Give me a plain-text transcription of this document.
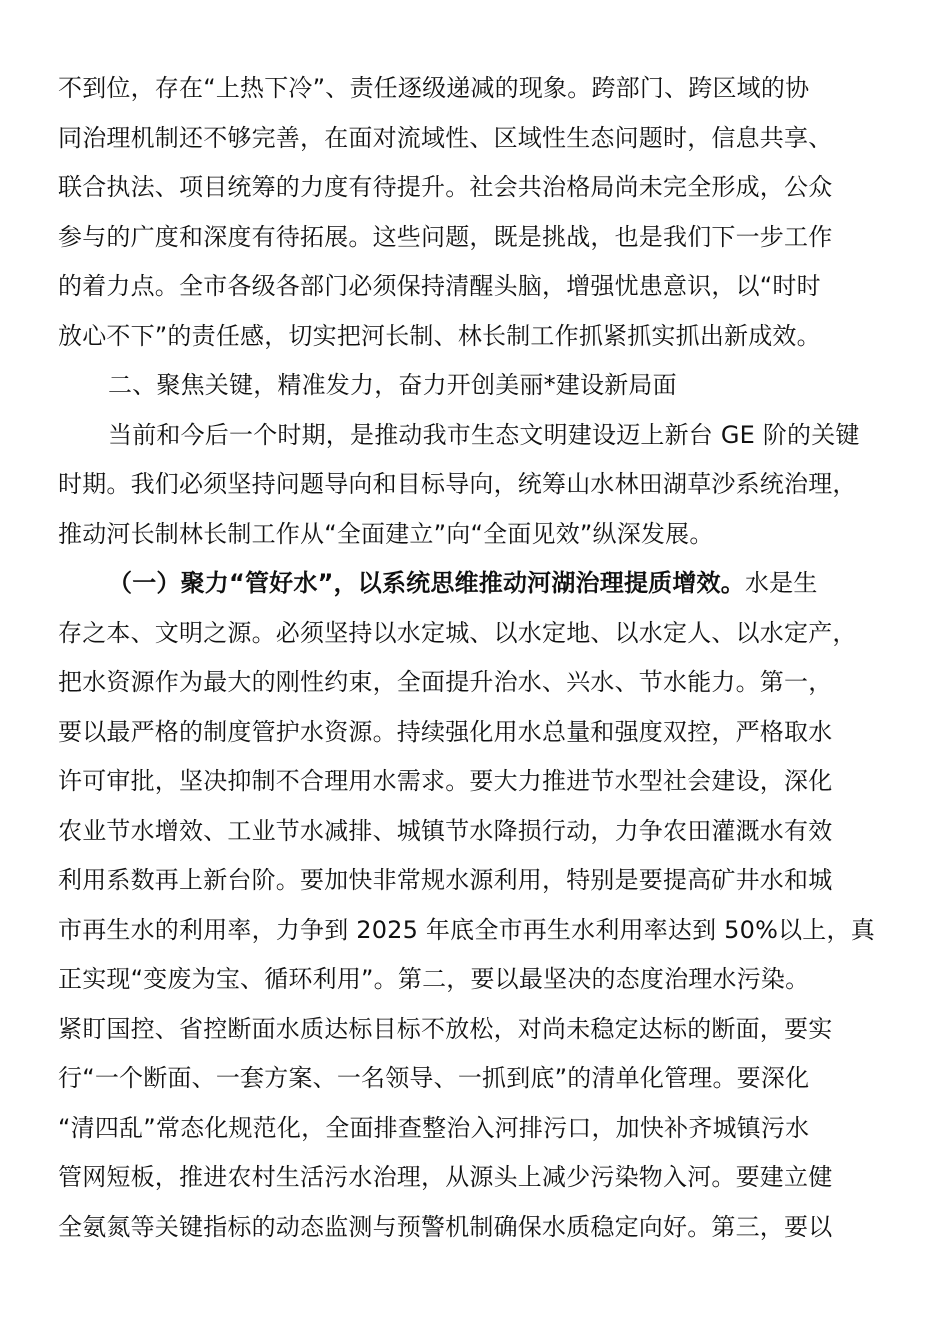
不到位，存在“上热下冷”、责任逐级递减的现象。跨部门、跨区域的协
同治理机制还不够完善，在面对流域性、区域性生态问题时，信息共享、
联合执法、项目统筹的力度有待提升。社会共治格局尚未完全形成，公众
参与的广度和深度有待拓展。这些问题，既是挑战，也是我们下一步工作
的着力点。全市各级各部门必须保持清醒头脑，增强忧患意识，以“时时
放心不下”的责任感，切实把河长制、林长制工作抓紧抓实抓出新成效。
二、聚焦关键，精准发力，奋力开创美丽*建设新局面
当前和今后一个时期，是推动我市生态文明建设迈上新台 GE 阶的关键
时期。我们必须坚持问题导向和目标导向，统筹山水林田湖草沙系统治理，
推动河长制林长制工作从“全面建立”向“全面见效”纵深发展。
（一）聚力“管好水”，以系统思维推动河湖治理提质增效。水是生
存之本、文明之源。必须坚持以水定城、以水定地、以水定人、以水定产，
把水资源作为最大的刚性约束，全面提升治水、兴水、节水能力。第一，
要以最严格的制度管护水资源。持续强化用水总量和强度双控，严格取水
许可审批，坚决抑制不合理用水需求。要大力推进节水型社会建设，深化
农业节水增效、工业节水减排、城镇节水降损行动，力争农田灌溉水有效
利用系数再上新台阶。要加快非常规水源利用，特别是要提高矿井水和城
市再生水的利用率，力争到 2025 年底全市再生水利用率达到 50%以上，真
正实现“变废为宝、循环利用”。第二，要以最坚决的态度治理水污染。
紧盯国控、省控断面水质达标目标不放松，对尚未稳定达标的断面，要实
行“一个断面、一套方案、一名领导、一抓到底”的清单化管理。要深化
“清四乱”常态化规范化，全面排查整治入河排污口，加快补齐城镇污水
管网短板，推进农村生活污水治理，从源头上减少污染物入河。要建立健
全氨氮等关键指标的动态监测与预警机制确保水质稳定向好。第三，要以
